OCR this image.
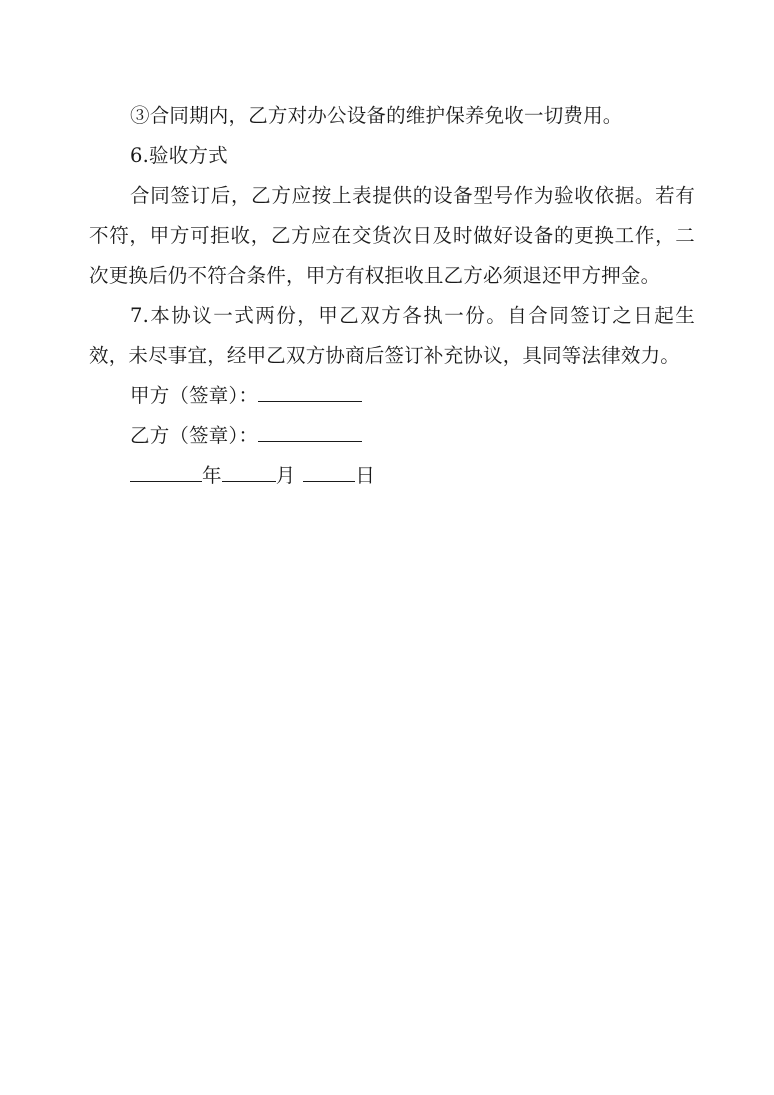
③合同期内，乙方对办公设备的维护保养免收一切费用。

6.验收方式

合同签订后，乙方应按上表提供的设备型号作为验收依据。若有不符，甲方可拒收，乙方应在交货次日及时做好设备的更换工作，二次更换后仍不符合条件，甲方有权拒收且乙方必须退还甲方押金。

7.本协议一式两份，甲乙双方各执一份。自合同签订之日起生效，未尽事宜，经甲乙双方协商后签订补充协议，具同等法律效力。

甲方（签章）：
乙方（签章）：
年	月	日
